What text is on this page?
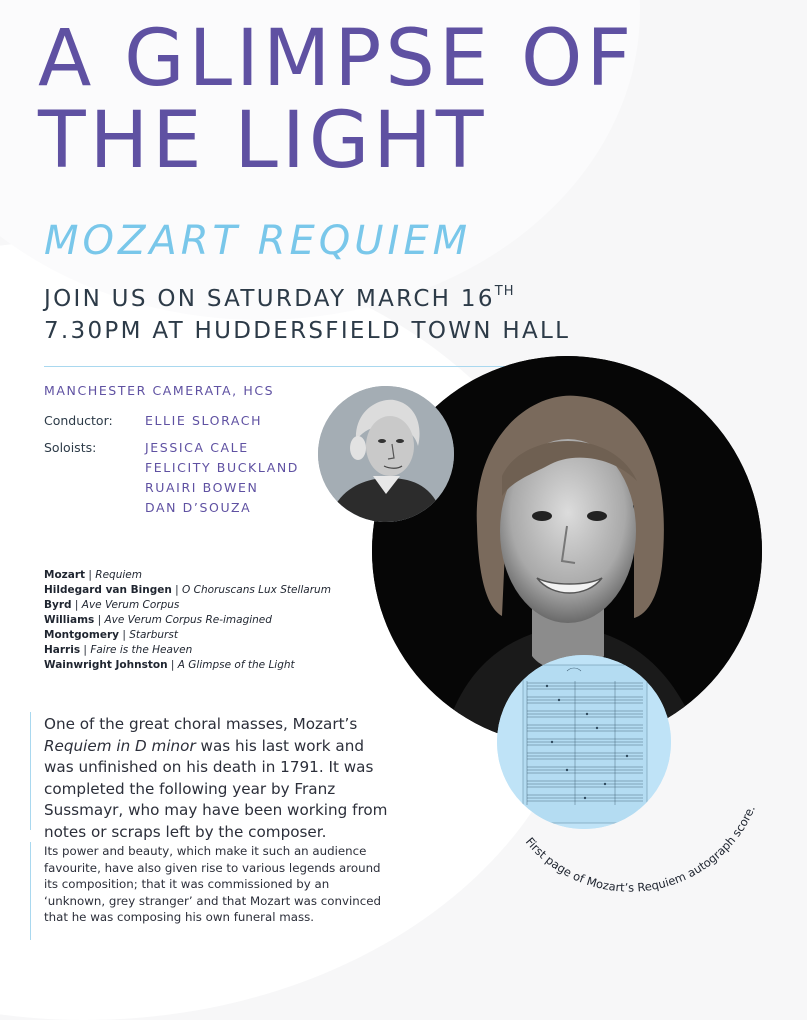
A GLIMPSE OF
THE LIGHT
MOZART REQUIEM
JOIN US ON SATURDAY MARCH 16TH
7.30PM AT HUDDERSFIELD TOWN HALL
MANCHESTER CAMERATA, HCS
Conductor:	ELLIE SLORACH
Soloists:	JESSICA CALE
FELICITY BUCKLAND
RUAIRI BOWEN
DAN D’SOUZA
Mozart | Requiem
Hildegard van Bingen | O Choruscans Lux Stellarum
Byrd | Ave Verum Corpus
Williams | Ave Verum Corpus Re-imagined
Montgomery | Starburst
Harris | Faire is the Heaven
Wainwright Johnston | A Glimpse of the Light

One of the great choral masses, Mozart’s Requiem in D minor was his last work and was unfinished on his death in 1791. It was completed the following year by Franz Sussmayr, who may have been working from notes or scraps left by the composer.

Its power and beauty, which make it such an audience favourite, have also given rise to various legends around its composition; that it was commissioned by an ‘unknown, grey stranger’ and that Mozart was convinced that he was composing his own funeral mass.

First page of Mozart’s Requiem autograph score.
